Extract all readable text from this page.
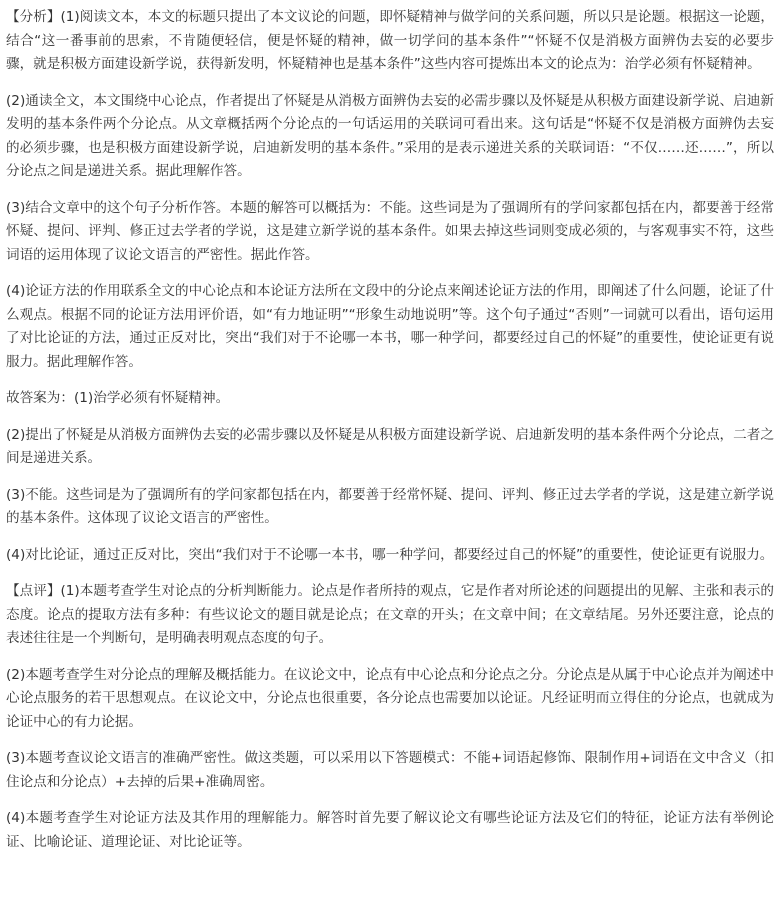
【分析】(1)阅读文本，本文的标题只提出了本文议论的问题，即怀疑精神与做学问的关系问题，所以只是论题。根据这一论题，结合“这一番事前的思索，不肯随便轻信，便是怀疑的精神，做一切学问的基本条件”“怀疑不仅是消极方面辨伪去妄的必要步骤，就是积极方面建设新学说，获得新发明，怀疑精神也是基本条件”这些内容可提炼出本文的论点为：治学必须有怀疑精神。

(2)通读全文，本文围绕中心论点，作者提出了怀疑是从消极方面辨伪去妄的必需步骤以及怀疑是从积极方面建设新学说、启迪新发明的基本条件两个分论点。从文章概括两个分论点的一句话运用的关联词可看出来。这句话是“怀疑不仅是消极方面辨伪去妄的必须步骤，也是积极方面建设新学说，启迪新发明的基本条件。”采用的是表示递进关系的关联词语：“不仅……还……”，所以分论点之间是递进关系。据此理解作答。

(3)结合文章中的这个句子分析作答。本题的解答可以概括为：不能。这些词是为了强调所有的学问家都包括在内，都要善于经常怀疑、提问、评判、修正过去学者的学说，这是建立新学说的基本条件。如果去掉这些词则变成必须的，与客观事实不符，这些词语的运用体现了议论文语言的严密性。据此作答。

(4)论证方法的作用联系全文的中心论点和本论证方法所在文段中的分论点来阐述论证方法的作用，即阐述了什么问题，论证了什么观点。根据不同的论证方法用评价语，如“有力地证明”“形象生动地说明”等。这个句子通过“否则”一词就可以看出，语句运用了对比论证的方法，通过正反对比，突出“我们对于不论哪一本书，哪一种学问，都要经过自己的怀疑”的重要性，使论证更有说服力。据此理解作答。

故答案为：(1)治学必须有怀疑精神。

(2)提出了怀疑是从消极方面辨伪去妄的必需步骤以及怀疑是从积极方面建设新学说、启迪新发明的基本条件两个分论点，二者之间是递进关系。

(3)不能。这些词是为了强调所有的学问家都包括在内，都要善于经常怀疑、提问、评判、修正过去学者的学说，这是建立新学说的基本条件。这体现了议论文语言的严密性。

(4)对比论证，通过正反对比，突出“我们对于不论哪一本书，哪一种学问，都要经过自己的怀疑”的重要性，使论证更有说服力。

【点评】(1)本题考查学生对论点的分析判断能力。论点是作者所持的观点，它是作者对所论述的问题提出的见解、主张和表示的态度。论点的提取方法有多种：有些议论文的题目就是论点；在文章的开头；在文章中间；在文章结尾。另外还要注意，论点的表述往往是一个判断句，是明确表明观点态度的句子。

(2)本题考查学生对分论点的理解及概括能力。在议论文中，论点有中心论点和分论点之分。分论点是从属于中心论点并为阐述中心论点服务的若干思想观点。在议论文中，分论点也很重要，各分论点也需要加以论证。凡经证明而立得住的分论点，也就成为论证中心的有力论据。

(3)本题考查议论文语言的准确严密性。做这类题，可以采用以下答题模式：不能+词语起修饰、限制作用+词语在文中含义（扣住论点和分论点）+去掉的后果+准确周密。

(4)本题考查学生对论证方法及其作用的理解能力。解答时首先要了解议论文有哪些论证方法及它们的特征，论证方法有举例论证、比喻论证、道理论证、对比论证等。
